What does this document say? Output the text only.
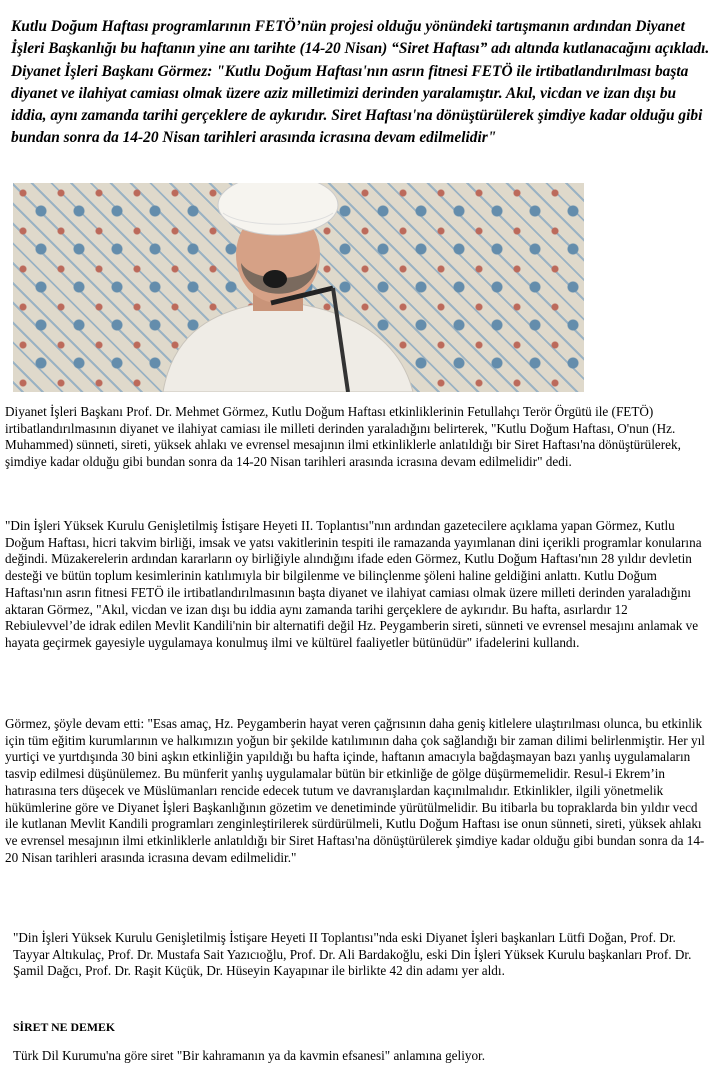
Kutlu Doğum Haftası programlarının FETÖ’nün projesi olduğu yönündeki tartışmanın ardından Diyanet İşleri Başkanlığı bu haftanın yine anı tarihte (14-20 Nisan) “Siret Haftası” adı altında kutlanacağını açıkladı. Diyanet İşleri Başkanı Görmez: "Kutlu Doğum Haftası'nın asrın fitnesi FETÖ ile irtibatlandırılması başta diyanet ve ilahiyat camiası olmak üzere aziz milletimizi derinden yaralamıştır. Akıl, vicdan ve izan dışı bu iddia, aynı zamanda tarihi gerçeklere de aykırıdır. Siret Haftası'na dönüştürülerek şimdiye kadar olduğu gibi bundan sonra da 14-20 Nisan tarihleri arasında icrasına devam edilmelidir"

Diyanet İşleri Başkanı Prof. Dr. Mehmet Görmez, Kutlu Doğum Haftası etkinliklerinin Fetullahçı Terör Örgütü ile (FETÖ) irtibatlandırılmasının diyanet ve ilahiyat camiası ile milleti derinden yaraladığını belirterek, "Kutlu Doğum Haftası, O'nun (Hz. Muhammed) sünneti, sireti, yüksek ahlakı ve evrensel mesajının ilmi etkinliklerle anlatıldığı bir Siret Haftası'na dönüştürülerek, şimdiye kadar olduğu gibi bundan sonra da 14-20 Nisan tarihleri arasında icrasına devam edilmelidir" dedi.

"Din İşleri Yüksek Kurulu Genişletilmiş İstişare Heyeti II. Toplantısı"nın ardından gazetecilere açıklama yapan Görmez, Kutlu Doğum Haftası, hicri takvim birliği, imsak ve yatsı vakitlerinin tespiti ile ramazanda yayımlanan dini içerikli programlar konularına değindi. Müzakerelerin ardından kararların oy birliğiyle alındığını ifade eden Görmez, Kutlu Doğum Haftası'nın 28 yıldır devletin desteği ve bütün toplum kesimlerinin katılımıyla bir bilgilenme ve bilinçlenme şöleni haline geldiğini anlattı. Kutlu Doğum Haftası'nın asrın fitnesi FETÖ ile irtibatlandırılmasının başta diyanet ve ilahiyat camiası olmak üzere milleti derinden yaraladığını aktaran Görmez, "Akıl, vicdan ve izan dışı bu iddia aynı zamanda tarihi gerçeklere de aykırıdır. Bu hafta, asırlardır 12 Rebiulevvel’de idrak edilen Mevlit Kandili'nin bir alternatifi değil Hz. Peygamberin sireti, sünneti ve evrensel mesajını anlamak ve hayata geçirmek gayesiyle uygulamaya konulmuş ilmi ve kültürel faaliyetler bütünüdür" ifadelerini kullandı.

Görmez, şöyle devam etti: "Esas amaç, Hz. Peygamberin hayat veren çağrısının daha geniş kitlelere ulaştırılması olunca, bu etkinlik için tüm eğitim kurumlarının ve halkımızın yoğun bir şekilde katılımının daha çok sağlandığı bir zaman dilimi belirlenmiştir. Her yıl yurtiçi ve yurtdışında 30 bini aşkın etkinliğin yapıldığı bu hafta içinde, haftanın amacıyla bağdaşmayan bazı yanlış uygulamaların tasvip edilmesi düşünülemez. Bu münferit yanlış uygulamalar bütün bir etkinliğe de gölge düşürmemelidir. Resul-i Ekrem’in hatırasına ters düşecek ve Müslümanları rencide edecek tutum ve davranışlardan kaçınılmalıdır. Etkinlikler, ilgili yönetmelik hükümlerine göre ve Diyanet İşleri Başkanlığının gözetim ve denetiminde yürütülmelidir. Bu itibarla bu topraklarda bin yıldır vecd ile kutlanan Mevlit Kandili programları zenginleştirilerek sürdürülmeli, Kutlu Doğum Haftası ise onun sünneti, sireti, yüksek ahlakı ve evrensel mesajının ilmi etkinliklerle anlatıldığı bir Siret Haftası'na dönüştürülerek şimdiye kadar olduğu gibi bundan sonra da 14-20 Nisan tarihleri arasında icrasına devam edilmelidir."

"Din İşleri Yüksek Kurulu Genişletilmiş İstişare Heyeti II Toplantısı"nda eski Diyanet İşleri başkanları Lütfi Doğan, Prof. Dr. Tayyar Altıkulaç, Prof. Dr. Mustafa Sait Yazıcıoğlu, Prof. Dr. Ali Bardakoğlu, eski Din İşleri Yüksek Kurulu başkanları Prof. Dr. Şamil Dağcı, Prof. Dr. Raşit Küçük, Dr. Hüseyin Kayapınar ile birlikte 42 din adamı yer aldı.

SİRET NE DEMEK

Türk Dil Kurumu'na göre siret "Bir kahramanın ya da kavmin efsanesi" anlamına geliyor.
